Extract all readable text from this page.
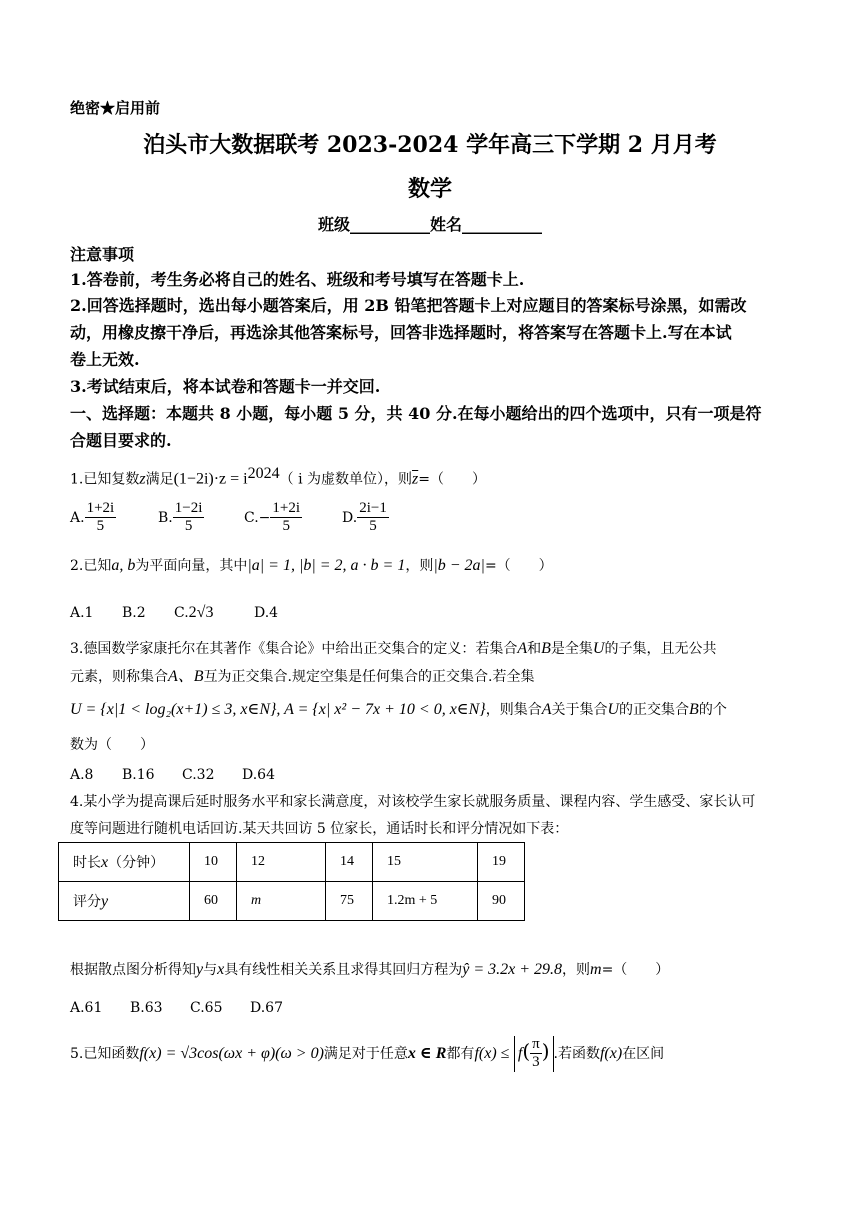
绝密★启用前
泊头市大数据联考 2023-2024 学年高三下学期 2 月月考
数学
班级__________姓名__________
注意事项
1.答卷前，考生务必将自己的姓名、班级和考号填写在答题卡上.
2.回答选择题时，选出每小题答案后，用 2B 铅笔把答题卡上对应题目的答案标号涂黑，如需改
动，用橡皮擦干净后，再选涂其他答案标号，回答非选择题时，将答案写在答题卡上.写在本试
卷上无效.
3.考试结束后，将本试卷和答题卡一并交回.
一、选择题：本题共 8 小题，每小题 5 分，共 40 分.在每小题给出的四个选项中，只有一项是符
合题目要求的.
1.已知复数z满足$(1-2i)\cdot z = i^{2024}$（ i 为虚数单位），则$\overline{z}=$（　　）
A. $\frac{1+2i}{5}$	B. $\frac{1-2i}{5}$	$C.- \frac{1+2i}{5}$	D. $\frac{2i-1}{5}$
2.已知a, b为平面向量，其中|a| = 1, |b| = 2, a · b = 1，则|b − 2a|=（　　）
A.1 B.2 C.2√3	D.4
3.德国数学家康托尔在其著作《集合论》中给出正交集合的定义：若集合A和B是全集U的子集，且无公共
元素，则称集合A、B互为正交集合.规定空集是任何集合的正交集合.若全集
U = {x|1 < log₂(x+1) ≤ 3, x∈N}, A = {x| x² − 7x + 10 < 0, x∈N}，则集合A关于集合U的正交集合B的个
数为（　　）
A.8 B.16 C.32 D.64
4.某小学为提高课后延时服务水平和家长满意度，对该校学生家长就服务质量、课程内容、学生感受、家长认可
度等问题进行随机电话回访.某天共回访 5 位家长，通话时长和评分情况如下表：
时长x（分钟）	10	12	14	15	19
评分y	60	m	75	1.2m + 5	90
根据散点图分析得知y与x具有线性相关关系且求得其回归方程为ŷ = 3.2x + 29.8，则m=（　　）
A.61 B.63 C.65 D.67
5.已知函数f(x) = √3cos(ωx + φ)(ω > 0)满足对于任意x ∈ R都有$f(x) \le f( \frac{\pi}{3}$ ) .若函数f(x)在区间
